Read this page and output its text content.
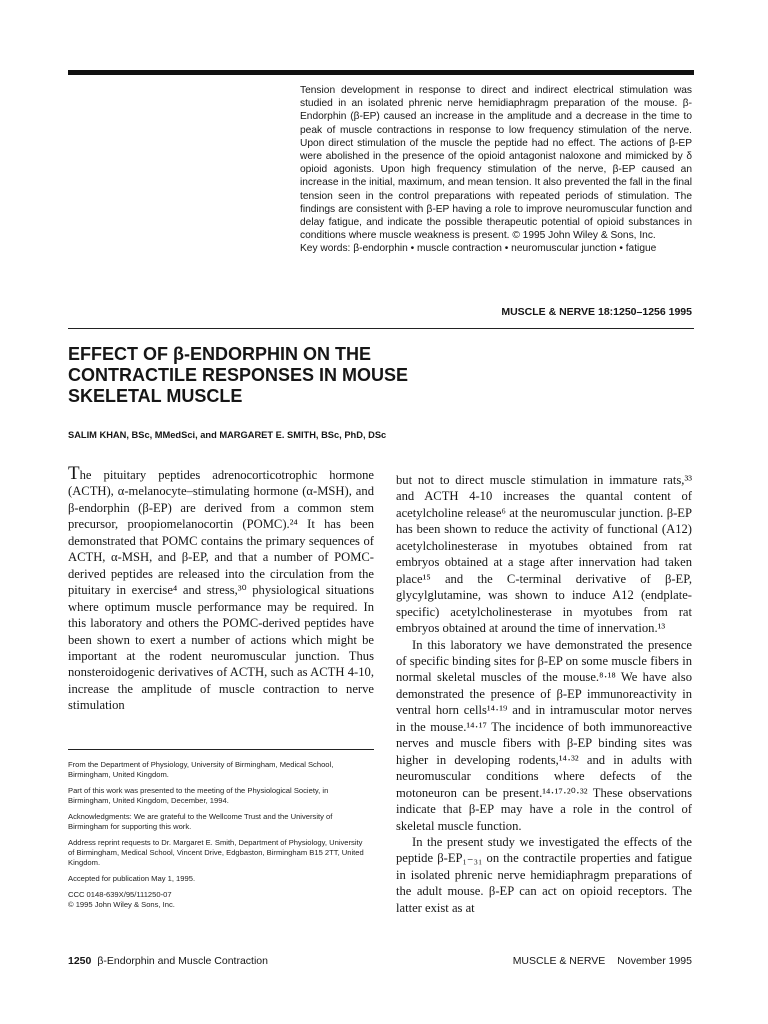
Tension development in response to direct and indirect electrical stimulation was studied in an isolated phrenic nerve hemidiaphragm preparation of the mouse. β-Endorphin (β-EP) caused an increase in the amplitude and a decrease in the time to peak of muscle contractions in response to low frequency stimulation of the nerve. Upon direct stimulation of the muscle the peptide had no effect. The actions of β-EP were abolished in the presence of the opioid antagonist naloxone and mimicked by δ opioid agonists. Upon high frequency stimulation of the nerve, β-EP caused an increase in the initial, maximum, and mean tension. It also prevented the fall in the final tension seen in the control preparations with repeated periods of stimulation. The findings are consistent with β-EP having a role to improve neuromuscular function and delay fatigue, and indicate the possible therapeutic potential of opioid substances in conditions where muscle weakness is present. © 1995 John Wiley & Sons, Inc.

Key words: β-endorphin • muscle contraction • neuromuscular junction • fatigue

MUSCLE & NERVE 18:1250–1256 1995
EFFECT OF β-ENDORPHIN ON THE CONTRACTILE RESPONSES IN MOUSE SKELETAL MUSCLE
SALIM KHAN, BSc, MMedSci, and MARGARET E. SMITH, BSc, PhD, DSc

The pituitary peptides adrenocorticotrophic hormone (ACTH), α-melanocyte–stimulating hormone (α-MSH), and β-endorphin (β-EP) are derived from a common stem precursor, proopiomelanocortin (POMC).²⁴ It has been demonstrated that POMC contains the primary sequences of ACTH, α-MSH, and β-EP, and that a number of POMC-derived peptides are released into the circulation from the pituitary in exercise⁴ and stress,³⁰ physiological situations where optimum muscle performance may be required. In this laboratory and others the POMC-derived peptides have been shown to exert a number of actions which might be important at the rodent neuromuscular junction. Thus nonsteroidogenic derivatives of ACTH, such as ACTH 4-10, increase the amplitude of muscle contraction to nerve stimulation

but not to direct muscle stimulation in immature rats,³³ and ACTH 4-10 increases the quantal content of acetylcholine release⁶ at the neuromuscular junction. β-EP has been shown to reduce the activity of functional (A12) acetylcholinesterase in myotubes obtained from rat embryos obtained at a stage after innervation had taken place¹⁵ and the C-terminal derivative of β-EP, glycylglutamine, was shown to induce A12 (endplate-specific) acetylcholinesterase in myotubes from rat embryos obtained at around the time of innervation.¹³

In this laboratory we have demonstrated the presence of specific binding sites for β-EP on some muscle fibers in normal skeletal muscles of the mouse.⁸·¹⁸ We have also demonstrated the presence of β-EP immunoreactivity in ventral horn cells¹⁴·¹⁹ and in intramuscular motor nerves in the mouse.¹⁴·¹⁷ The incidence of both immunoreactive nerves and muscle fibers with β-EP binding sites was higher in developing rodents,¹⁴·³² and in adults with neuromuscular conditions where defects of the motoneuron can be present.¹⁴·¹⁷·²⁰·³² These observations indicate that β-EP may have a role in the control of skeletal muscle function.

In the present study we investigated the effects of the peptide β-EP₁₋₃₁ on the contractile properties and fatigue in isolated phrenic nerve hemidiaphragm preparations of the adult mouse. β-EP can act on opioid receptors. The latter exist as at

From the Department of Physiology, University of Birmingham, Medical School, Birmingham, United Kingdom.

Part of this work was presented to the meeting of the Physiological Society, in Birmingham, United Kingdom, December, 1994.

Acknowledgments: We are grateful to the Wellcome Trust and the University of Birmingham for supporting this work.

Address reprint requests to Dr. Margaret E. Smith, Department of Physiology, University of Birmingham, Medical School, Vincent Drive, Edgbaston, Birmingham B15 2TT, United Kingdom.

Accepted for publication May 1, 1995.

CCC 0148-639X/95/111250-07

© 1995 John Wiley & Sons, Inc.

1250 β-Endorphin and Muscle Contraction	MUSCLE & NERVE November 1995
